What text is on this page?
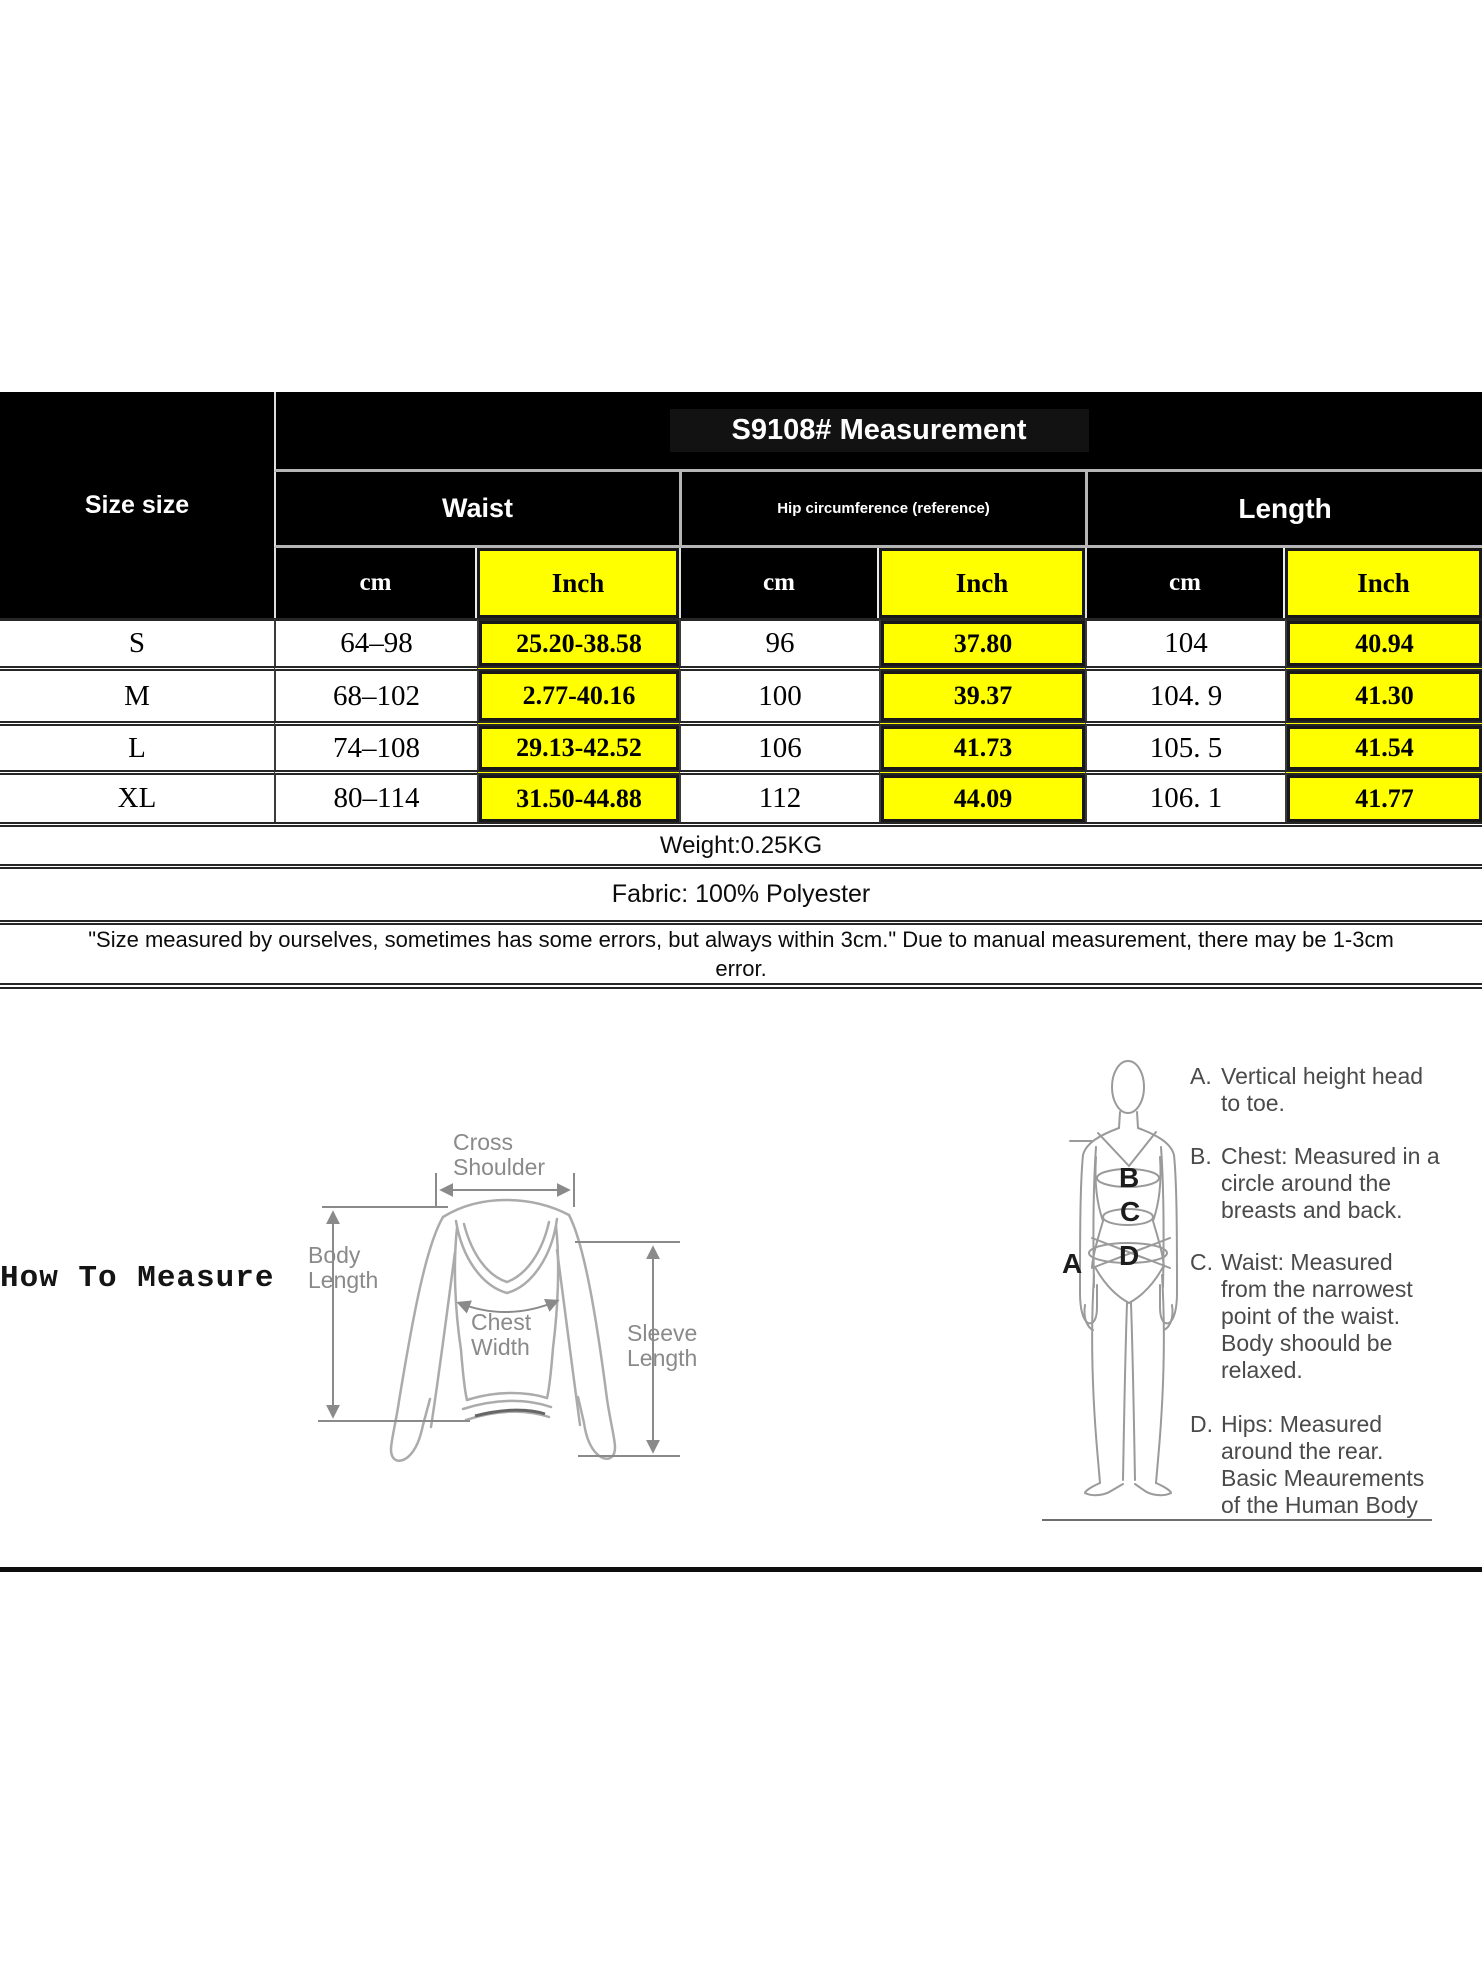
Size size	S9108# Measurement					
	Waist		Hip circumference (reference)		Length	
	cm	Inch	cm	Inch	cm	Inch
S	64–98	25.20-38.58	96	37.80	104	40.94
M	68–102	2.77-40.16	100	39.37	104. 9	41.30
L	74–108	29.13-42.52	106	41.73	105. 5	41.54
XL	80–114	31.50-44.88	112	44.09	106. 1	41.77
Weight:0.25KG						
Fabric: 100% Polyester						

"Size measured by ourselves, sometimes has some errors, but always within 3cm." Due to manual measurement, there may be 1-3cm
error.						
How To Measure
Cross
Shoulder
Body
Length
Chest
Width
Sleeve
Length
A
B
C
D
A. Vertical height head
to toe.
B. Chest: Measured in a
circle around the
breasts and back.
C. Waist: Measured
from the narrowest
point of the waist.
Body shoould be
relaxed.
D. Hips: Measured
around the rear.
Basic Meaurements
of the Human Body
